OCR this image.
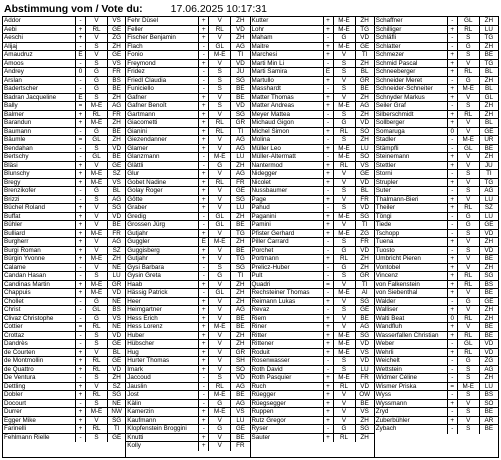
Abstimmung vom / Vote du:	17.06.2025 10:17:31
Addor	-	V	VS
Aebi	+	RL	GE
Aeschi	+	V	ZG
Alijaj	-	S	ZH
Amaudruz	E	V	GE
Amoos	-	S	VS
Andrey	0	G	FR
Arslan	-	G	BS
Badertscher	-	G	BE
Badran Jacqueline	E	S	ZH
Bally	=	M-E	AG
Balmer	+	RL	FR
Barandun	+	M-E	ZH
Baumann	-	G	BE
Bäumle	=	GL	ZH
Bendahan	-	S	VD
Bertschy	-	GL	BE
Bläsi	+	V	GE
Blunschy	+	M-E	SZ
Bregy	+	M-E	VS
Brenzikofer	-	G	BL
Brizzi	-	S	AG
Büchel Roland	+	V	SG
Buffat	+	V	VD
Bühler	+	V	BE
Bulliard	+	M-E	FR
Burgherr	+	V	AG
Burgi Roman	+	V	SZ
Bürgin Yvonne	+	M-E	ZH
Calame	-	V	NE
Candan Hasan	-	S	LU
Candinas Martin	+	M-E	GR
Chappuis	+	M-E	VD
Chollet	-	G	NE
Christ	-	GL	BS
Clivaz Christophe	-	G	VS
Cottier	=	RL	NE
Crottaz	-	S	VD
Dandrès	-	S	GE
de Courten	+	V	BL
de Montmollin	+	RL	GE
de Quattro	+	RL	VD
De Ventura	-	S	ZH
Dettling	+	V	SZ
Dobler	+	RL	SG
Docourt	-	S	NE
Durrer	+	M-E	NW
Egger Mike	+	V	SG
Farinelli	+	RL	TI
Fehlmann Rielle	-	S	GE
Fehr Düsel	+	V	ZH
Feller	+	RL	VD
Fischer Benjamin	+	V	ZH
Flach	-	GL	AG
Fonio	-	M-E	TI
Freymond	+	V	VD
Fridez	-	S	JU
Friedl Claudia	-	S	SG
Funiciello	-	S	BE
Gafner	+	V	BE
Gafner Benoît	+	S	VD
Gartmann	+	V	SG
Giacometti	+	RL	GR
Gianini	+	RL	TI
Giezendanner	+	V	AG
Glamer	+	V	AG
Glanzmann	-	M-E	LU
Glättli	-	G	ZH
Glur	+	V	AG
Gobet Nadine	+	RL	FR
Golay Roger	+	V	GE
Götte	+	V	SG
Graber	+	V	LU
Gredig	-	GL	ZH
Grossen Jürg	-	GL	BE
Gutjahr	+	V	TG
Guggler	E	M-E	ZH
Guggisberg	+	V	BE
Gutjahr	+	V	TG
Gysi Barbara	-	S	SG
Gysin Greta	-	G	TI
Haab	+	V	ZH
Hässig Patrick	-	GL	ZH
Heer	+	V	ZH
Heimgartner	+	V	AG
Hess Erich	+	V	BE
Hess Lorenz	+	M-E	BE
Huber	+	V	ZH
Hübscher	+	V	ZH
Hug	+	V	GR
Hurter Thomas	+	V	SH
Imark	+	V	SO
Jaccoud	-	S	VD
Jauslin	-	RL	AG
Jost	-	M-E	BE
Kälin	-	G	AG
Kamerzin	+	M-E	VS
Kaufmann	+	V	LU
Klopfenstein Broggini	-	G	GE
Knutti	+	V	BE
Kolly	+	V	FR
Kutter	+	M-E	ZH
Lohr	+	M-E	TG
Maham	-	G	VD
Maitre	+	M-E	GE
Marchesi	+	V	TI
Marti Min Li	-	S	ZH
Marti Samira	E	S	BL
Martullo	+	V	GR
Masshardt	-	S	BE
Matter Thomas	+	V	ZH
Matter Andreas	+	M-E	AG
Meyer Mattea	-	S	ZH
Michaud Gigon	-	G	VD
Michel Simon	+	RL	SO
Molina	-	S	ZH
Müller Leo	+	M-E	LU
Müller-Altermatt	-	M-E	SO
Nantermod	+	RL	VS
Nidegger	+	V	GE
Nicolet	+	V	VD
Nussbaumer	-	S	BL
Page	+	V	FR
Pahud	-	S	VD
Paganini	+	M-E	SG
Pamini	+	V	TI
Pfister Gerhard	+	M-E	ZG
Piller Carrard	-	S	FR
Porchet	-	G	VD
Portmann	+	RL	ZH
Prelicz-Huber	-	G	ZH
Pult	-	S	GR
Quadri	=	V	TI
Rechsteiner Thomas	-	M-E	AI
Reimann Lukas	+	V	SG
Revaz	-	S	GE
Riem	+	V	BE
Riner	+	V	AG
Ritter	+	M-E	SG
Rittener	+	M-E	VD
Roduit	+	M-E	VS
Rosenwasser	-	S	VD
Roth David	-	S	LU
Roth Pasquier	+	M-E	FR
Ruch	+	RL	VD
Rüegger	+	V	OW
Rüegsegger	+	V	BE
Ruppen	+	V	VS
Rutz Gregor	+	V	ZH
Ryser	-	G	SG
Sauter	+	RL	ZH
Schaffner	-	GL	ZH
Schilliger	+	RL	LU
Schläfli	-	S	TG
Schlatter	-	G	ZH
Schmezer	+	S	BE
Schmid Pascal	+	V	TG
Schneeberger	+	RL	BL
Schneider Meret	-	G	ZH
Schneider-Schneiter	+	M-E	BL
Schnyder Markus	+	V	GL
Seiler Graf	-	S	ZH
Silberschmidt	+	RL	ZH
Sollberger	+	V	BL
Somaruga	0	V	GE
Stadler	-	M-E	UR
Stämpfli	-	GL	BE
Steinemann	+	V	ZH
Stettler	+	V	JU
Storni	-	S	TI
Strupler	+	V	TG
Suter	-	S	AG
Thalmann-Bieri	+	V	LU
Theiler	+	RL	SZ
Töngi	-	G	LU
Tiede	-	G	GE
Tschopp	-	S	VD
Tuena	+	V	ZH
Tuosto	-	S	VD
Umbricht Pieren	+	V	BE
Vontobel	+	V	ZH
Vincenz	+	RL	SG
von Falkenstein	+	RL	BS
von Siebenthal	+	V	BE
Walder	-	G	GE
Walliser	+	V	ZH
Walti Beat	0	RL	ZH
Wandfluh	+	V	BE
Wasserfallen Christian	+	RL	BE
Weber	-	GL	VD
Wehrli	+	RL	VD
Weichelt	-	G	ZG
Wettstein	-	S	AG
Widmer Céline	-	S	ZH
Wismer Priska	=	M-E	LU
Wyss	-	S	BS
Wyssmann	+	V	SO
Zryd	-	S	BE
Zuberbühler	+	V	AR
Zybach	-	S	BE
